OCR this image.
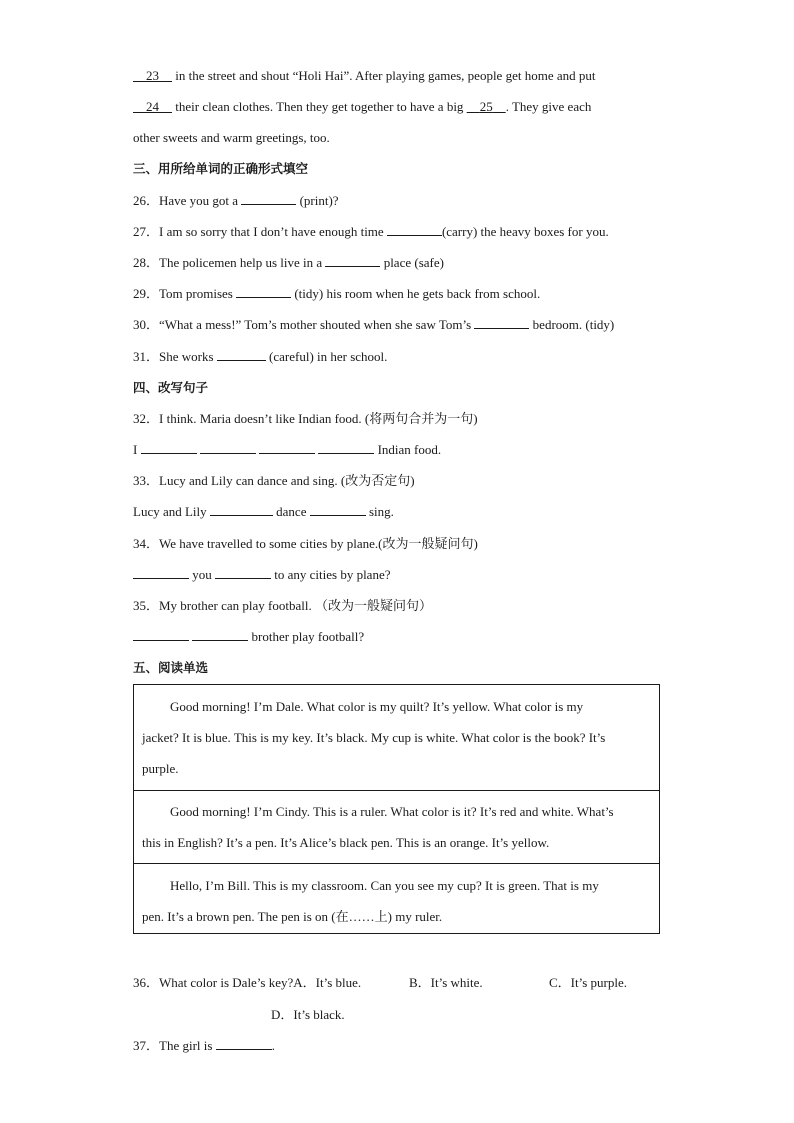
23     in the street and shout “Holi Hai”. After playing games, people get home and put
24     their clean clothes. Then they get together to have a big     25 . They give each
other sweets and warm greetings, too.
三、用所给单词的正确形式填空
26．Have you got a	(print)?
27．I am so sorry that I don’t have enough time	(carry) the heavy boxes for you.
28．The policemen help us live in a	place (safe)
29．Tom promises	(tidy) his room when he gets back from school.
30．“What a mess!” Tom’s mother shouted when she saw Tom’s	bedroom. (tidy)
31．She works	(careful) in her school.
四、改写句子
32．I think. Maria doesn’t like Indian food. (将两句合并为一句)
I	Indian food.
33．Lucy and Lily can dance and sing. (改为否定句)
Lucy and Lily	dance	sing.
34．We have travelled to some cities by plane.(改为一般疑问句)
you	to any cities by plane?
35．My brother can play football. （改为一般疑问句）
brother play football?
五、阅读单选
Good morning! I’m Dale. What color is my quilt? It’s yellow. What color is my
jacket? It is blue. This is my key. It’s black. My cup is white. What color is the book? It’s
purple.
Good morning! I’m Cindy. This is a ruler. What color is it? It’s red and white. What’s
this in English? It’s a pen. It’s Alice’s black pen. This is an orange. It’s yellow.
Hello, I’m Bill. This is my classroom. Can you see my cup? It is green. That is my
pen. It’s a brown pen. The pen is on (在……上) my ruler.
36．What color is Dale’s key?A．It’s blue.	B．It’s white.	C．It’s purple.
D．It’s black.
37．The girl is	.
